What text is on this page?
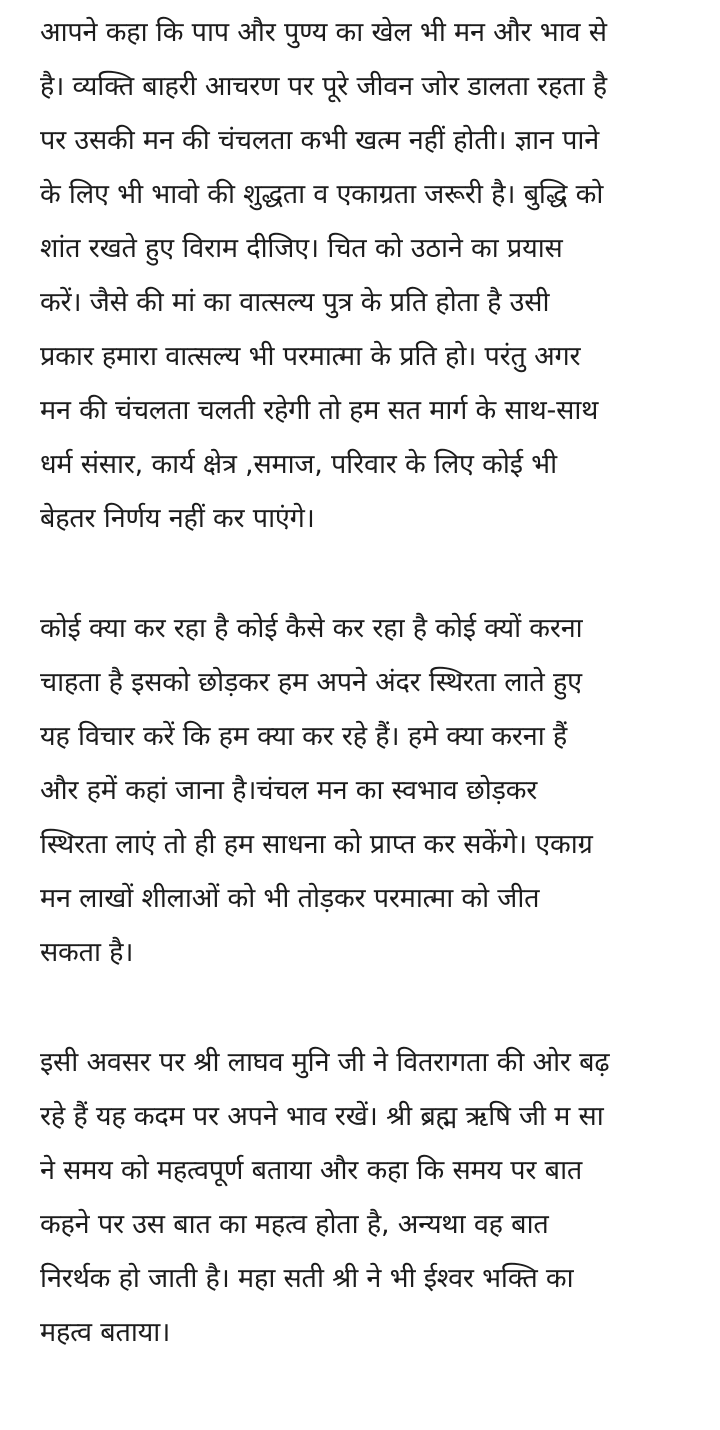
आपने कहा कि पाप और पुण्य का खेल भी मन और भाव से
है। व्यक्ति बाहरी आचरण पर पूरे जीवन जोर डालता रहता है
पर उसकी मन की चंचलता कभी खत्म नहीं होती। ज्ञान पाने
के लिए भी भावो की शुद्धता व एकाग्रता जरूरी है। बुद्धि को
शांत रखते हुए विराम दीजिए। चित को उठाने का प्रयास
करें। जैसे की मां का वात्सल्य पुत्र के प्रति होता है उसी
प्रकार हमारा वात्सल्य भी परमात्मा के प्रति हो। परंतु अगर
मन की चंचलता चलती रहेगी तो हम सत मार्ग के साथ-साथ
धर्म संसार, कार्य क्षेत्र ,समाज, परिवार के लिए कोई भी
बेहतर निर्णय नहीं कर पाएंगे।
कोई क्या कर रहा है कोई कैसे कर रहा है कोई क्यों करना
चाहता है इसको छोड़कर हम अपने अंदर स्थिरता लाते हुए
यह विचार करें कि हम क्या कर रहे हैं। हमे क्या करना हैं
और हमें कहां जाना है।चंचल मन का स्वभाव छोड़कर
स्थिरता लाएं तो ही हम साधना को प्राप्त कर सकेंगे। एकाग्र
मन लाखों शीलाओं को भी तोड़कर परमात्मा को जीत
सकता है।
इसी अवसर पर श्री लाघव मुनि जी ने वितरागता की ओर बढ़
रहे हैं यह कदम पर अपने भाव रखें। श्री ब्रह्म ऋषि जी म सा
ने समय को महत्वपूर्ण बताया और कहा कि समय पर बात
कहने पर उस बात का महत्व होता है, अन्यथा वह बात
निरर्थक हो जाती है। महा सती श्री ने भी ईश्वर भक्ति का
महत्व बताया।
